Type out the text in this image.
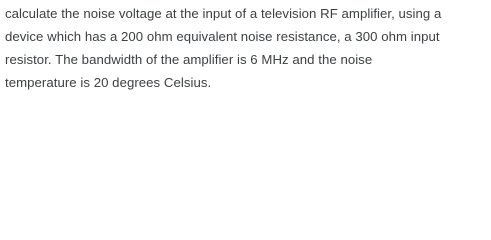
calculate the noise voltage at the input of a television RF amplifier, using a
device which has a 200 ohm equivalent noise resistance, a 300 ohm input
resistor. The bandwidth of the amplifier is 6 MHz and the noise
temperature is 20 degrees Celsius.
